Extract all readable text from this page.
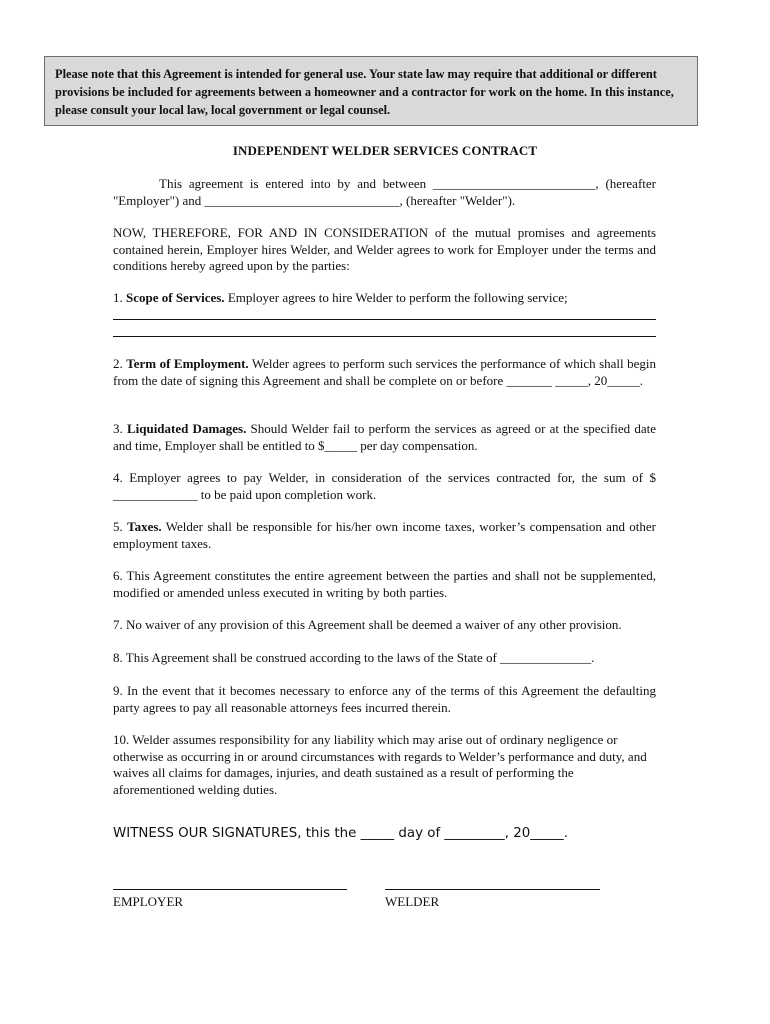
Please note that this Agreement is intended for general use. Your state law may require that additional or different provisions be included for agreements between a homeowner and a contractor for work on the home. In this instance, please consult your local law, local government or legal counsel.
INDEPENDENT WELDER SERVICES CONTRACT
This agreement is entered into by and between _________________________, (hereafter "Employer") and ______________________________, (hereafter "Welder").
NOW, THEREFORE, FOR AND IN CONSIDERATION of the mutual promises and agreements contained herein, Employer hires Welder, and Welder agrees to work for Employer under the terms and conditions hereby agreed upon by the parties:
1. Scope of Services. Employer agrees to hire Welder to perform the following service;
2. Term of Employment. Welder agrees to perform such services the performance of which shall begin from the date of signing this Agreement and shall be complete on or before _______ _____, 20_____.
3. Liquidated Damages. Should Welder fail to perform the services as agreed or at the specified date and time, Employer shall be entitled to $_____ per day compensation.
4. Employer agrees to pay Welder, in consideration of the services contracted for, the sum of $ _____________ to be paid upon completion work.
5. Taxes. Welder shall be responsible for his/her own income taxes, worker’s compensation and other employment taxes.
6. This Agreement constitutes the entire agreement between the parties and shall not be supplemented, modified or amended unless executed in writing by both parties.
7. No waiver of any provision of this Agreement shall be deemed a waiver of any other provision.
8. This Agreement shall be construed according to the laws of the State of ______________.
9. In the event that it becomes necessary to enforce any of the terms of this Agreement the defaulting party agrees to pay all reasonable attorneys fees incurred therein.
10. Welder assumes responsibility for any liability which may arise out of ordinary negligence or otherwise as occurring in or around circumstances with regards to Welder’s performance and duty, and waives all claims for damages, injuries, and death sustained as a result of performing the aforementioned welding duties.
WITNESS OUR SIGNATURES, this the _____ day of _________, 20_____.
EMPLOYER	WELDER
